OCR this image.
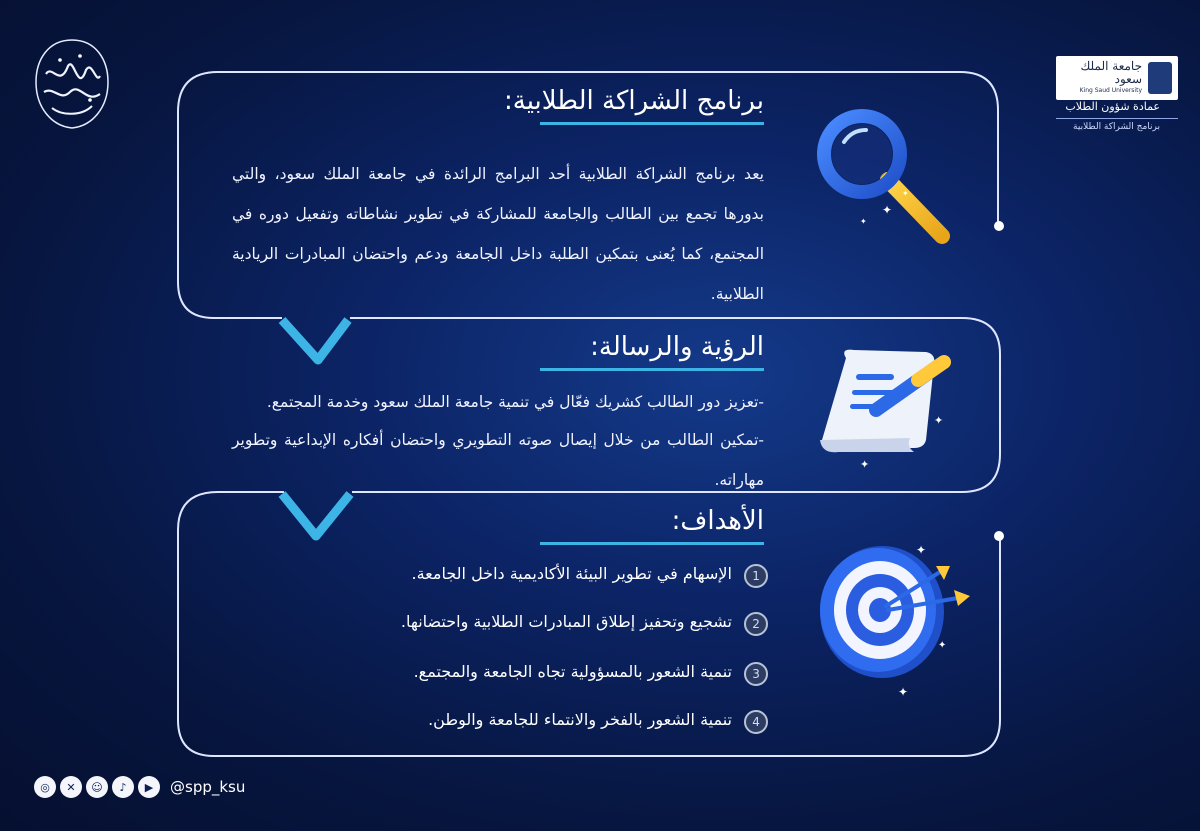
جامعة الملك سعود
King Saud University
عمادة شؤون الطلاب
برنامج الشراكة الطلابية
برنامج الشراكة الطلابية:
يعد برنامج الشراكة الطلابية أحد البرامج الرائدة في جامعة الملك سعود، والتي بدورها تجمع بين الطالب والجامعة للمشاركة في تطوير نشاطاته وتفعيل دوره في المجتمع، كما يُعنى بتمكين الطلبة داخل الجامعة ودعم واحتضان المبادرات الريادية الطلابية.
✦
✦
✦
الرؤية والرسالة:
-تعزيز دور الطالب كشريك فعّال في تنمية جامعة الملك سعود وخدمة المجتمع.
-تمكين الطالب من خلال إيصال صوته التطويري واحتضان أفكاره الإبداعية وتطوير مهاراته.
✦
✦
الأهداف:
1
الإسهام في تطوير البيئة الأكاديمية داخل الجامعة.
2
تشجيع وتحفيز إطلاق المبادرات الطلابية واحتضانها.
3
تنمية الشعور بالمسؤولية تجاه الجامعة والمجتمع.
4
تنمية الشعور بالفخر والانتماء للجامعة والوطن.
✦
✦
✦
◎	✕	☺	♪	▶	@spp_ksu
